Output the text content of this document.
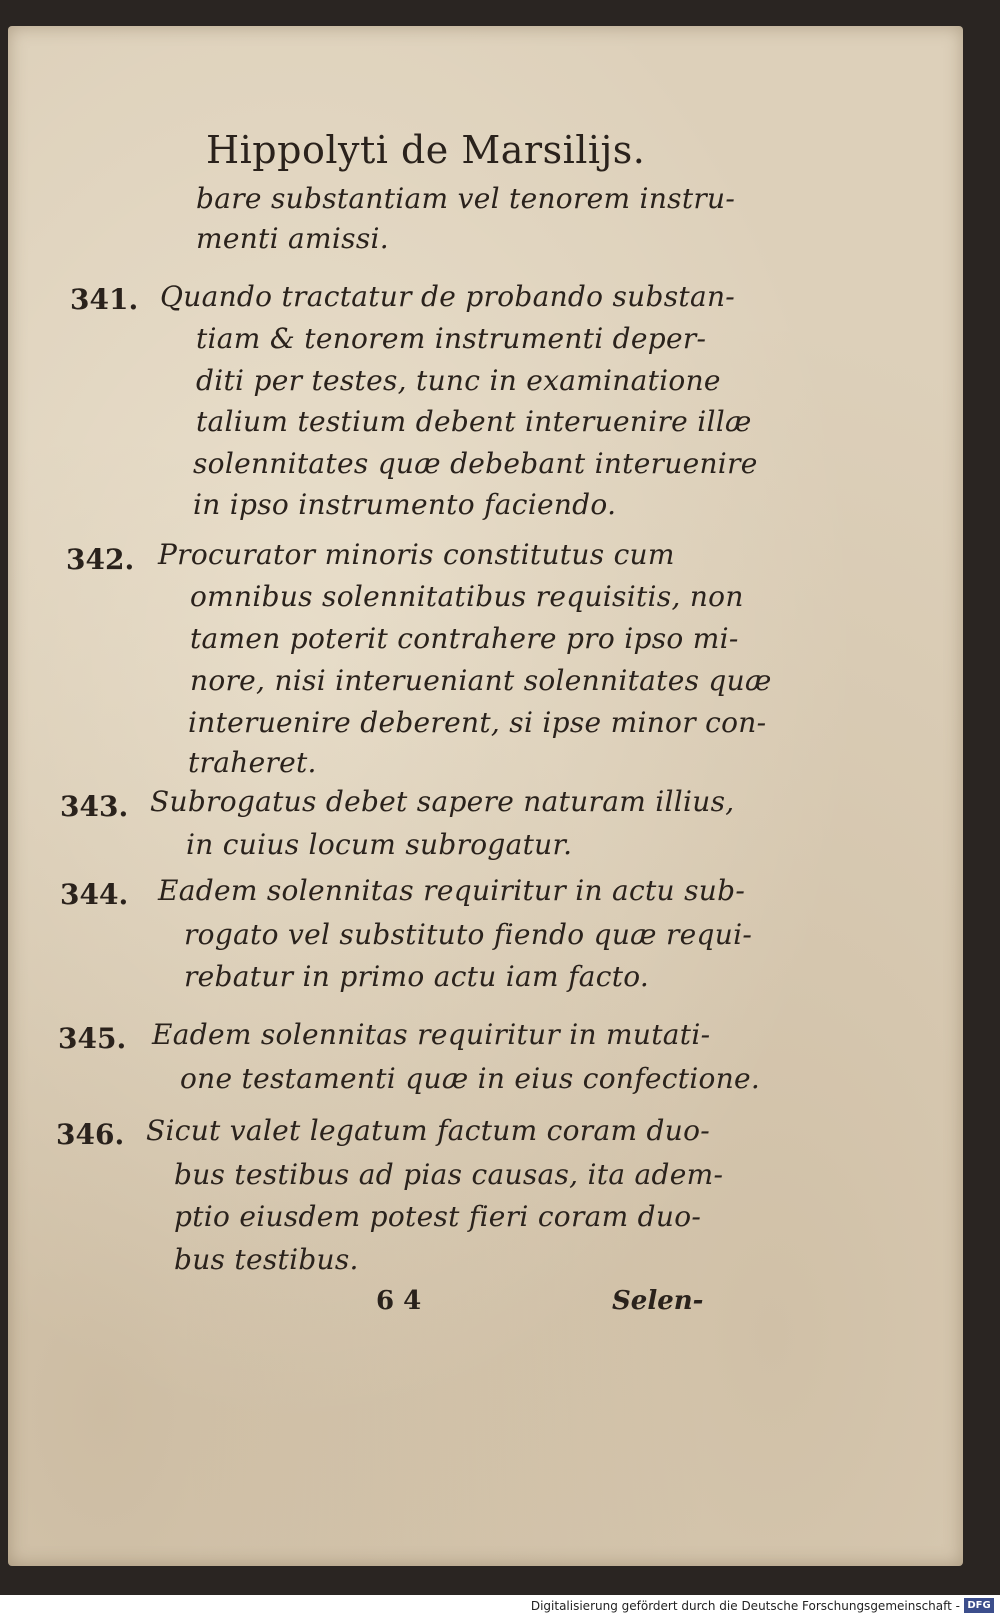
Hippolyti de Marsilijs.
bare substantiam vel tenorem instru-
menti amissi.
341. Quando tractatur de probando substan-
tiam & tenorem instrumenti deper-
diti per testes, tunc in examinatione
talium testium debent interuenire illæ
solennitates quæ debebant interuenire
in ipso instrumento faciendo.
342. Procurator minoris constitutus cum
omnibus solennitatibus requisitis, non
tamen poterit contrahere pro ipso mi-
nore, nisi interueniant solennitates quæ
interuenire deberent, si ipse minor con-
traheret.
343. Subrogatus debet sapere naturam illius,
in cuius locum subrogatur.
344. Eadem solennitas requiritur in actu sub-
rogato vel substituto fiendo quæ requi-
rebatur in primo actu iam facto.
345. Eadem solennitas requiritur in mutati-
one testamenti quæ in eius confectione.
346. Sicut valet legatum factum coram duo-
bus testibus ad pias causas, ita adem-
ptio eiusdem potest fieri coram duo-
bus testibus.
6 4	Selen-
Digitalisierung gefördert durch die Deutsche Forschungsgemeinschaft - DFG
